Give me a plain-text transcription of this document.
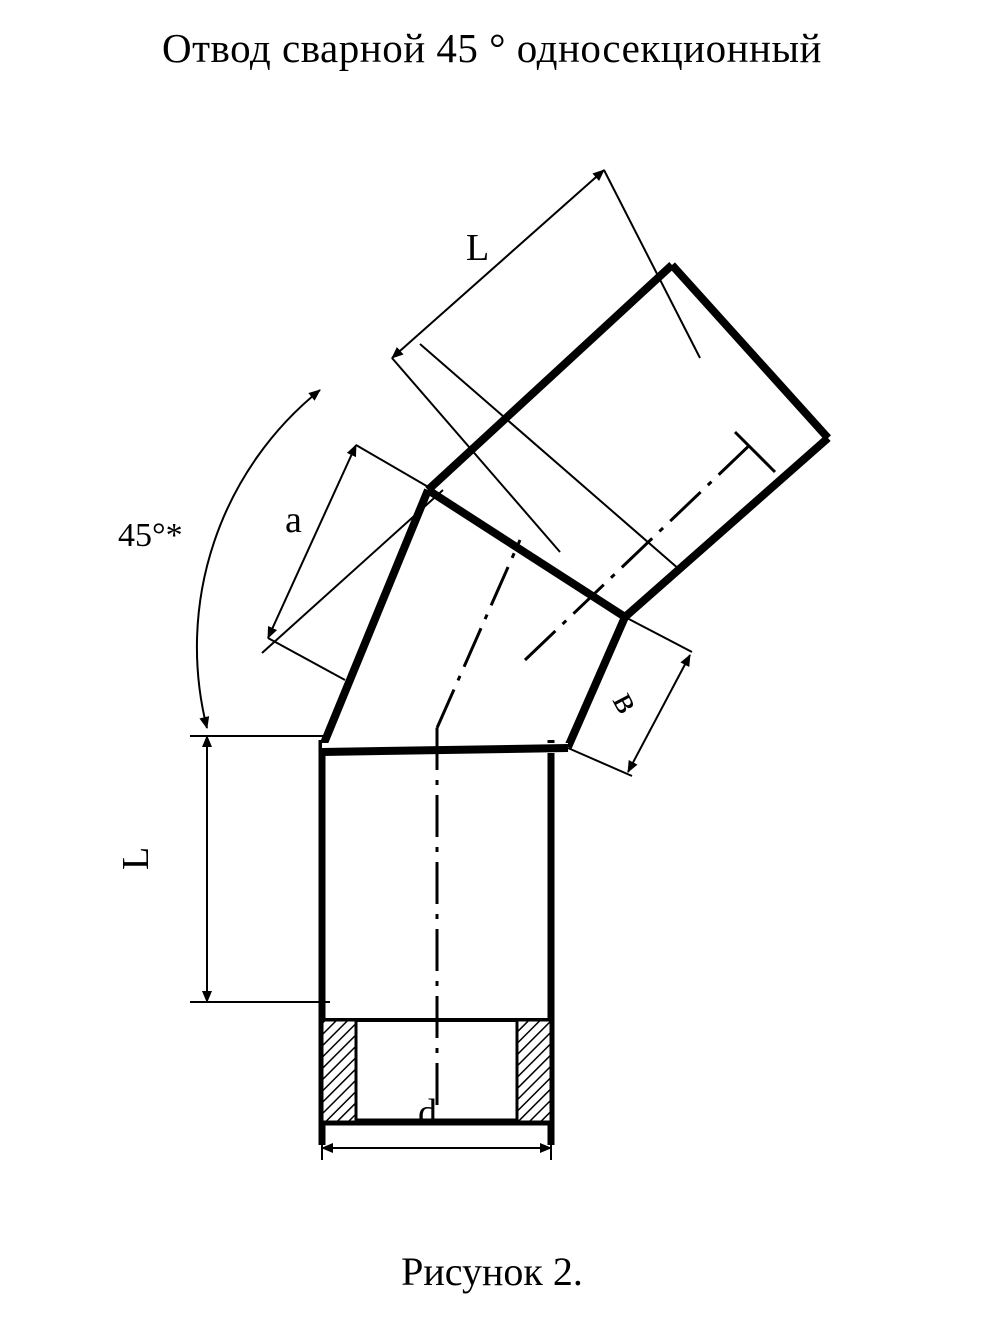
Отвод сварной 45 ° односекционный
L
45°*	a
в
L
d
Рисунок 2.
